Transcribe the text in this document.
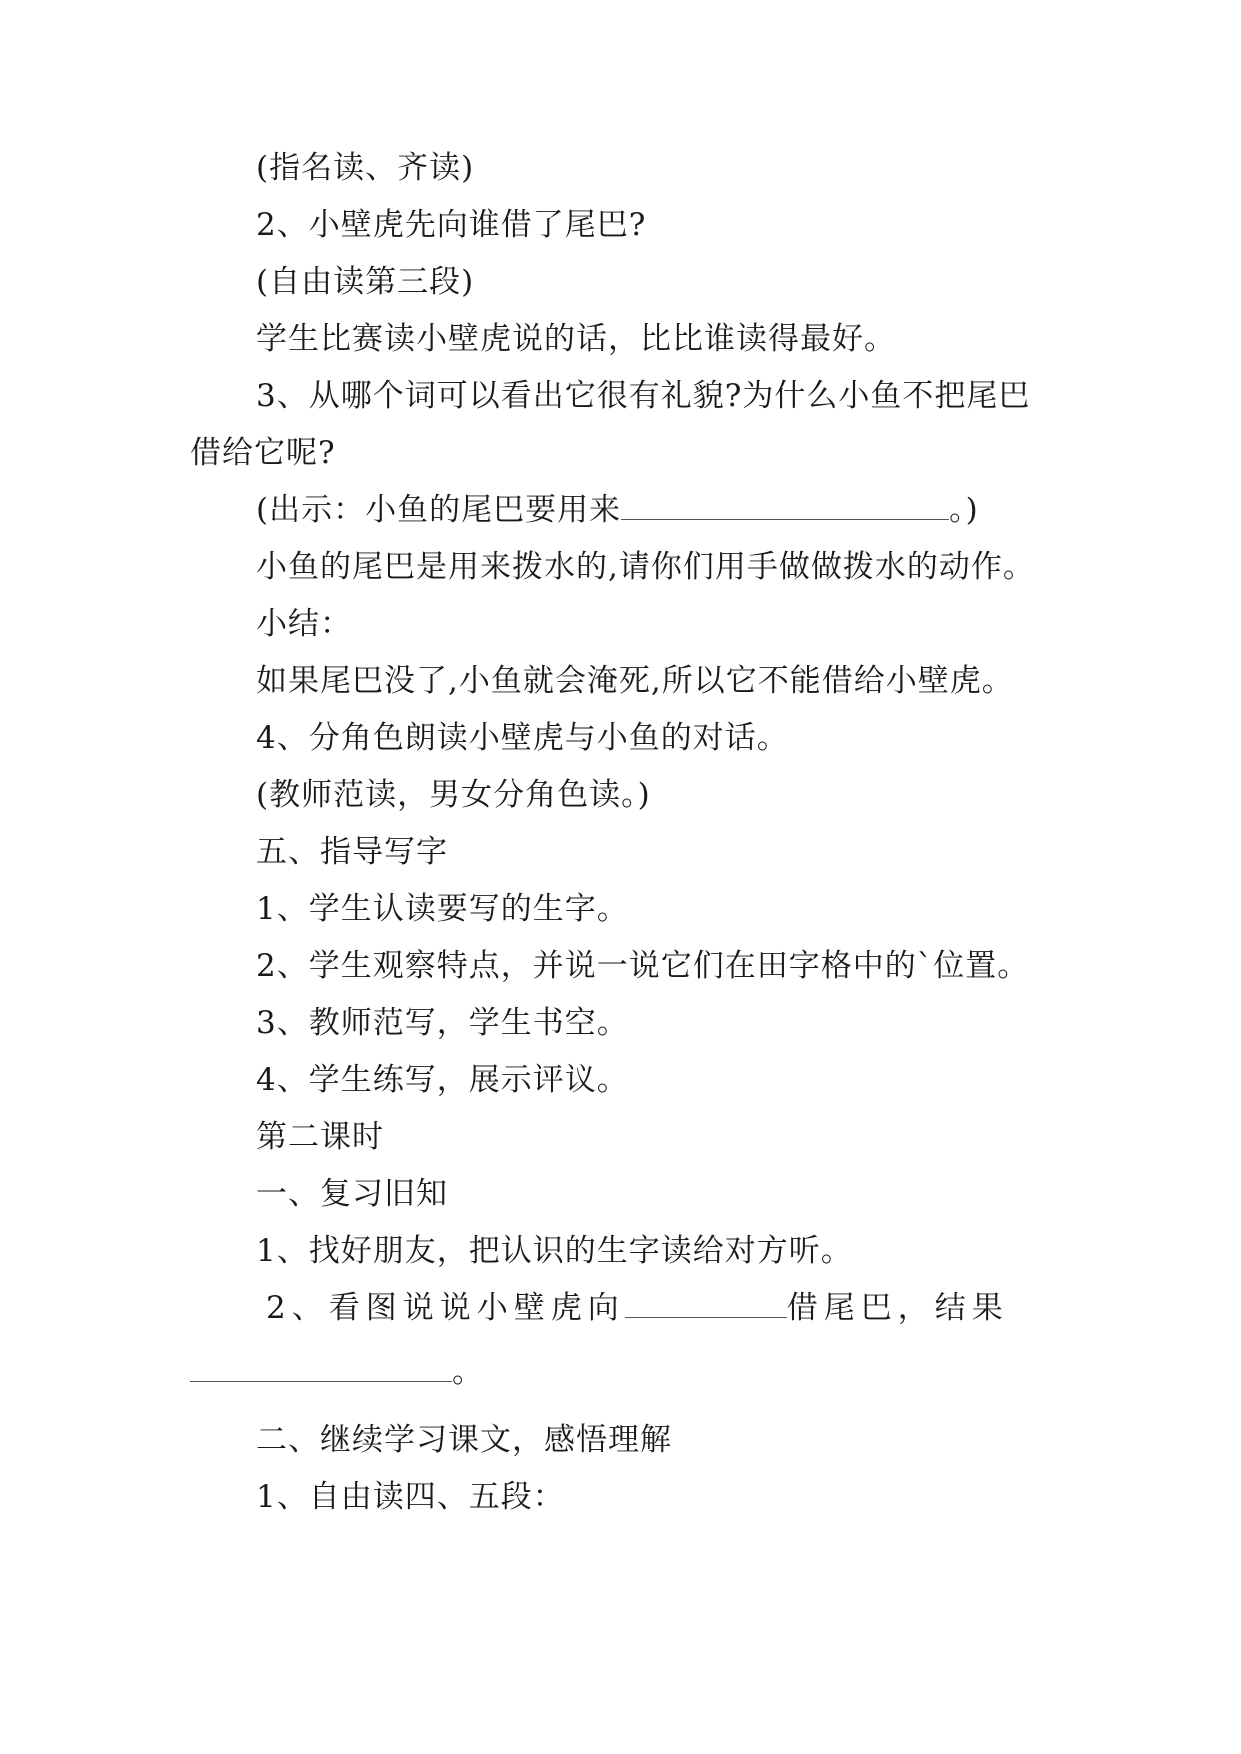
(指名读、齐读)
2、小壁虎先向谁借了尾巴?
(自由读第三段)
学生比赛读小壁虎说的话，比比谁读得最好。
3、从哪个词可以看出它很有礼貌?为什么小鱼不把尾巴
借给它呢?
(出示：小鱼的尾巴要用来	。)
小鱼的尾巴是用来拨水的,请你们用手做做拨水的动作。
小结：
如果尾巴没了,小鱼就会淹死,所以它不能借给小壁虎。
4、分角色朗读小壁虎与小鱼的对话。
(教师范读，男女分角色读。)
五、指导写字
1、学生认读要写的生字。
2、学生观察特点，并说一说它们在田字格中的`位置。
3、教师范写，学生书空。
4、学生练写，展示评议。
第二课时
一、复习旧知
1、找好朋友，把认识的生字读给对方听。
2、看图说说小壁虎向	借尾巴，结果
。
二、继续学习课文，感悟理解
1、自由读四、五段：
